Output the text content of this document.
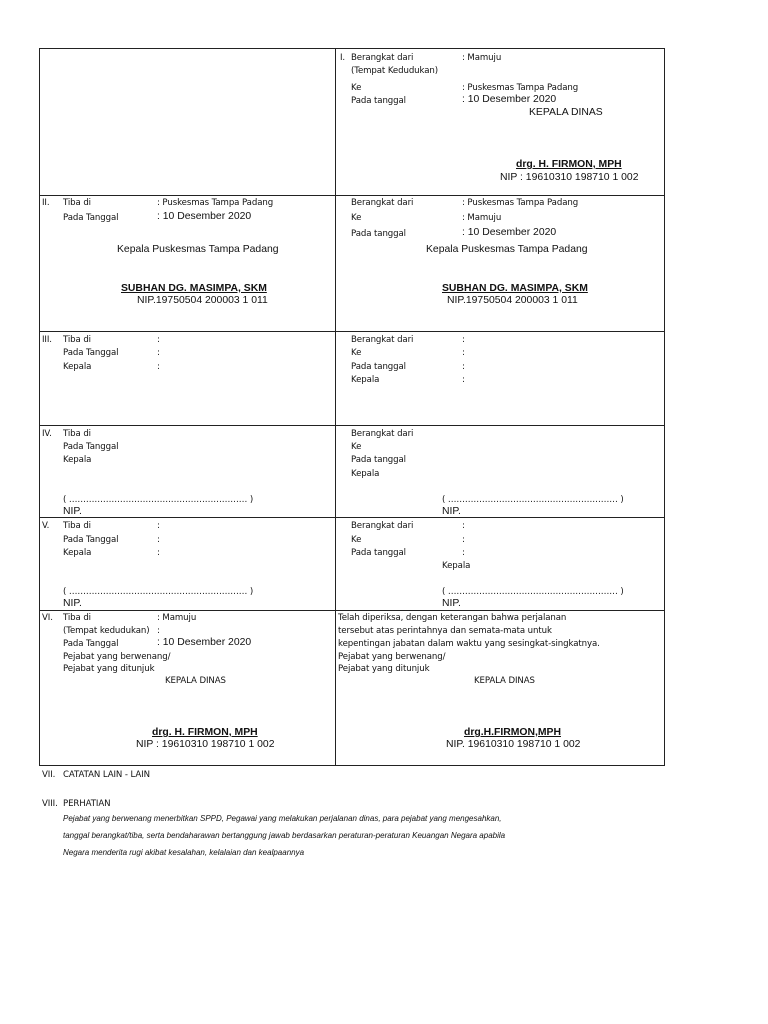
I. Berangkat dari	: Mamuju
(Tempat Kedudukan)
Ke	: Puskesmas Tampa Padang
Pada tanggal	: 10 Desember 2020
KEPALA DINAS
drg. H. FIRMON, MPH
NIP : 19610310 198710 1 002
II. Tiba di	: Puskesmas Tampa Padang
Pada Tanggal	: 10 Desember 2020
Kepala Puskesmas Tampa Padang
SUBHAN DG. MASIMPA, SKM
NIP.19750504 200003 1 011
Berangkat dari	: Puskesmas Tampa Padang
Ke	: Mamuju
Pada tanggal	: 10 Desember 2020
Kepala Puskesmas Tampa Padang
SUBHAN DG. MASIMPA, SKM
NIP.19750504 200003 1 011
III. Tiba di	:
Pada Tanggal	:
Kepala	:
Berangkat dari	:
Ke	:
Pada tanggal	:
Kepala	:
IV. Tiba di
Pada Tanggal
Kepala
( ……………………………………………………… )
NIP.
Berangkat dari
Ke
Pada tanggal
Kepala
( …………………………………………………… )
NIP.
V. Tiba di	:
Pada Tanggal	:
Kepala	:
( ……………………………………………………… )
NIP.
Berangkat dari	:
Ke	:
Pada tanggal	:
Kepala
( …………………………………………………… )
NIP.
VI. Tiba di	: Mamuju
(Tempat kedudukan) :
Pada Tanggal	: 10 Desember 2020
Pejabat yang berwenang/
Pejabat yang ditunjuk
KEPALA DINAS
drg. H. FIRMON, MPH
NIP : 19610310 198710 1 002
Telah diperiksa, dengan keterangan bahwa perjalanan
tersebut atas perintahnya dan semata-mata untuk
kepentingan jabatan dalam waktu yang sesingkat-singkatnya.
Pejabat yang berwenang/
Pejabat yang ditunjuk
KEPALA DINAS
drg.H.FIRMON,MPH
NIP. 19610310 198710 1 002
VII. CATATAN LAIN - LAIN
VIII. PERHATIAN
Pejabat yang berwenang menerbitkan SPPD, Pegawai yang melakukan perjalanan dinas, para pejabat yang mengesahkan,
tanggal berangkat/tiba, serta bendaharawan bertanggung jawab berdasarkan peraturan-peraturan Keuangan Negara apabila
Negara menderita rugi akibat kesalahan, kelalaian dan kealpaannya
